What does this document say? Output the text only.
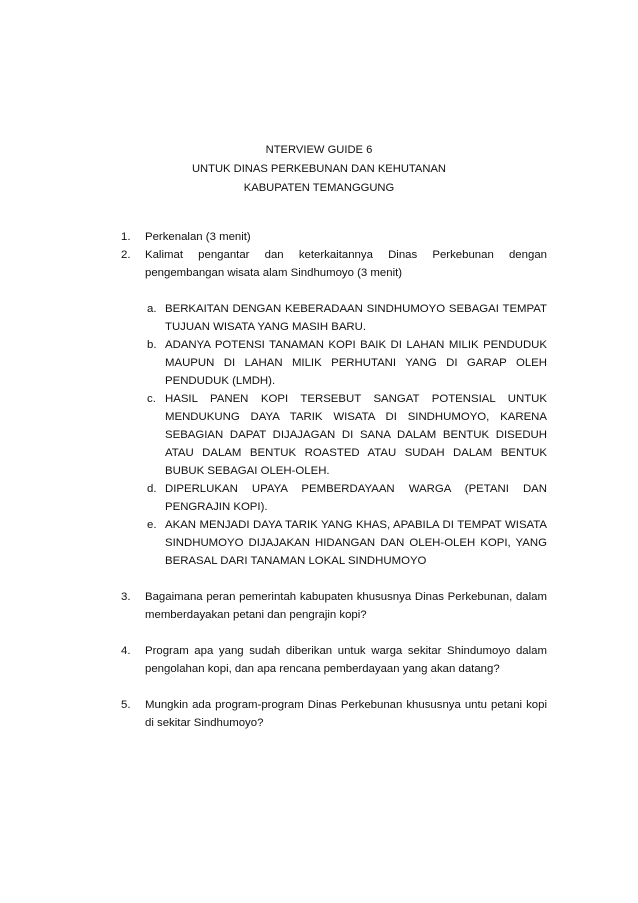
NTERVIEW GUIDE 6
UNTUK DINAS PERKEBUNAN DAN KEHUTANAN
KABUPATEN TEMANGGUNG
1. Perkenalan (3 menit)
2. Kalimat pengantar dan keterkaitannya Dinas Perkebunan dengan pengembangan wisata alam Sindhumoyo (3 menit)
a. BERKAITAN DENGAN KEBERADAAN SINDHUMOYO SEBAGAI TEMPAT TUJUAN WISATA YANG MASIH BARU.
b. ADANYA POTENSI TANAMAN KOPI BAIK DI LAHAN MILIK PENDUDUK MAUPUN DI LAHAN MILIK PERHUTANI YANG DI GARAP OLEH PENDUDUK (LMDH).
c. HASIL PANEN KOPI TERSEBUT SANGAT POTENSIAL UNTUK MENDUKUNG DAYA TARIK WISATA DI SINDHUMOYO, KARENA SEBAGIAN DAPAT DIJAJAGAN DI SANA DALAM BENTUK DISEDUH ATAU DALAM BENTUK ROASTED ATAU SUDAH DALAM BENTUK BUBUK SEBAGAI OLEH-OLEH.
d. DIPERLUKAN UPAYA PEMBERDAYAAN WARGA (PETANI DAN PENGRAJIN KOPI).
e. AKAN MENJADI DAYA TARIK YANG KHAS, APABILA DI TEMPAT WISATA SINDHUMOYO DIJAJAKAN HIDANGAN DAN OLEH-OLEH KOPI, YANG BERASAL DARI TANAMAN LOKAL SINDHUMOYO
3. Bagaimana peran pemerintah kabupaten khususnya Dinas Perkebunan, dalam memberdayakan petani dan pengrajin kopi?
4. Program apa yang sudah diberikan untuk warga sekitar Shindumoyo dalam pengolahan kopi, dan apa rencana pemberdayaan yang akan datang?
5. Mungkin ada program-program Dinas Perkebunan khususnya untu petani kopi di sekitar Sindhumoyo?
